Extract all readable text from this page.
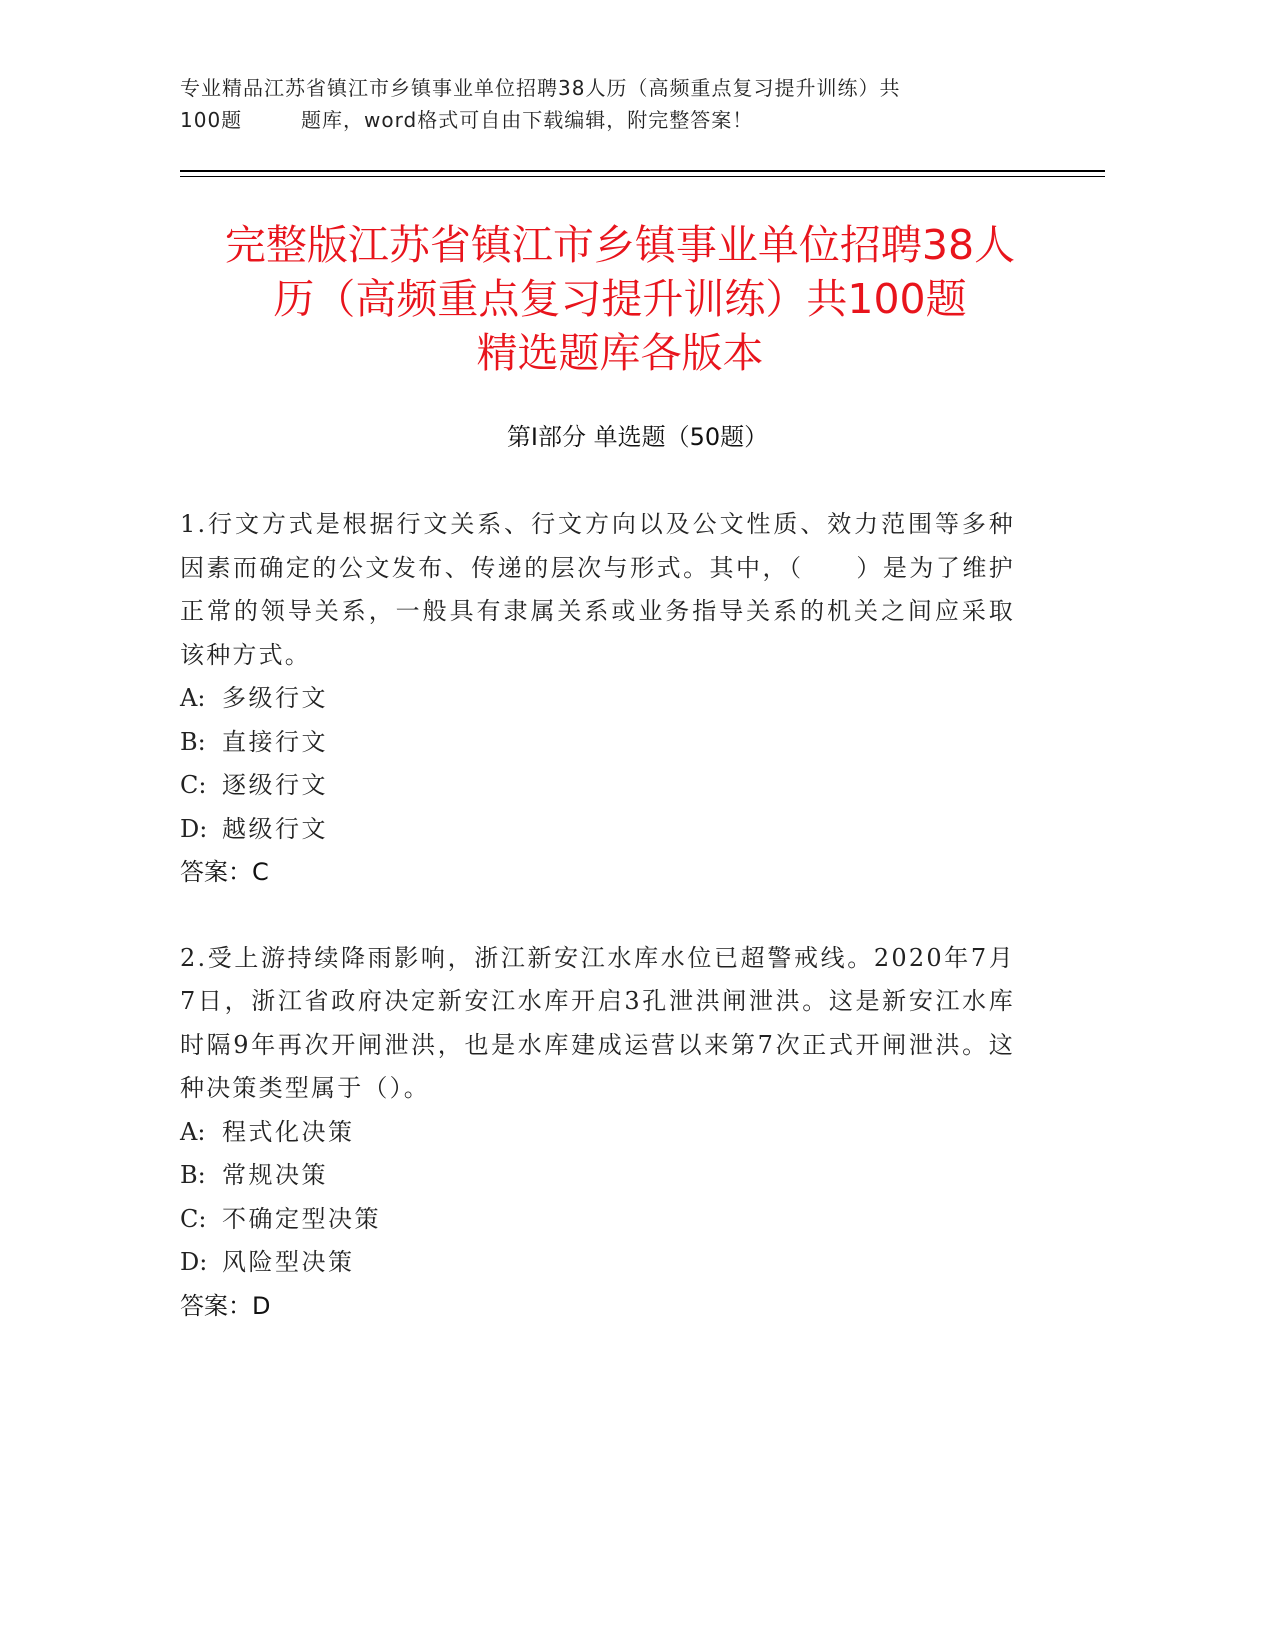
专业精品江苏省镇江市乡镇事业单位招聘38人历（高频重点复习提升训练）共
100题        题库，word格式可自由下载编辑，附完整答案！
完整版江苏省镇江市乡镇事业单位招聘38人
历（高频重点复习提升训练）共100题
精选题库各版本
第Ⅰ部分 单选题（50题）
1.行文方式是根据行文关系、行文方向以及公文性质、效力范围等多种因素而确定的公文发布、传递的层次与形式。其中，（　　）是为了维护正常的领导关系，一般具有隶属关系或业务指导关系的机关之间应采取该种方式。
A: 多级行文
B: 直接行文
C: 逐级行文
D: 越级行文
答案：C
2.受上游持续降雨影响，浙江新安江水库水位已超警戒线。2020年7月7日，浙江省政府决定新安江水库开启3孔泄洪闸泄洪。这是新安江水库时隔9年再次开闸泄洪，也是水库建成运营以来第7次正式开闸泄洪。这种决策类型属于（）。
A: 程式化决策
B: 常规决策
C: 不确定型决策
D: 风险型决策
答案：D
